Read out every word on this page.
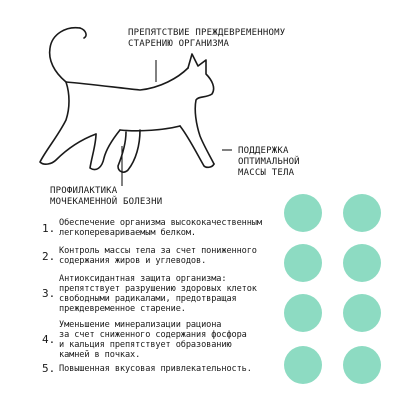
ПРЕПЯТСТВИЕ ПРЕЖДЕВРЕМЕННОМУ
СТАРЕНИЮ ОРГАНИЗМА
ПОДДЕРЖКА
ОПТИМАЛЬНОЙ
МАССЫ ТЕЛА
ПРОФИЛАКТИКА
МОЧЕКАМЕННОЙ БОЛЕЗНИ
1. Обеспечение организма высококачественным
легкоперевариваемым белком.
2. Контроль массы тела за счет пониженного
содержания жиров и углеводов.
3.
Антиоксидантная защита организма:
препятствует разрушению здоровых клеток
свободными радикалами, предотвращая
преждевременное старение.
4.
Уменьшение минерализации рациона
за счет сниженного содержания фосфора
и кальция препятствует образованию
камней в почках.
5. Повышенная вкусовая привлекательность.
